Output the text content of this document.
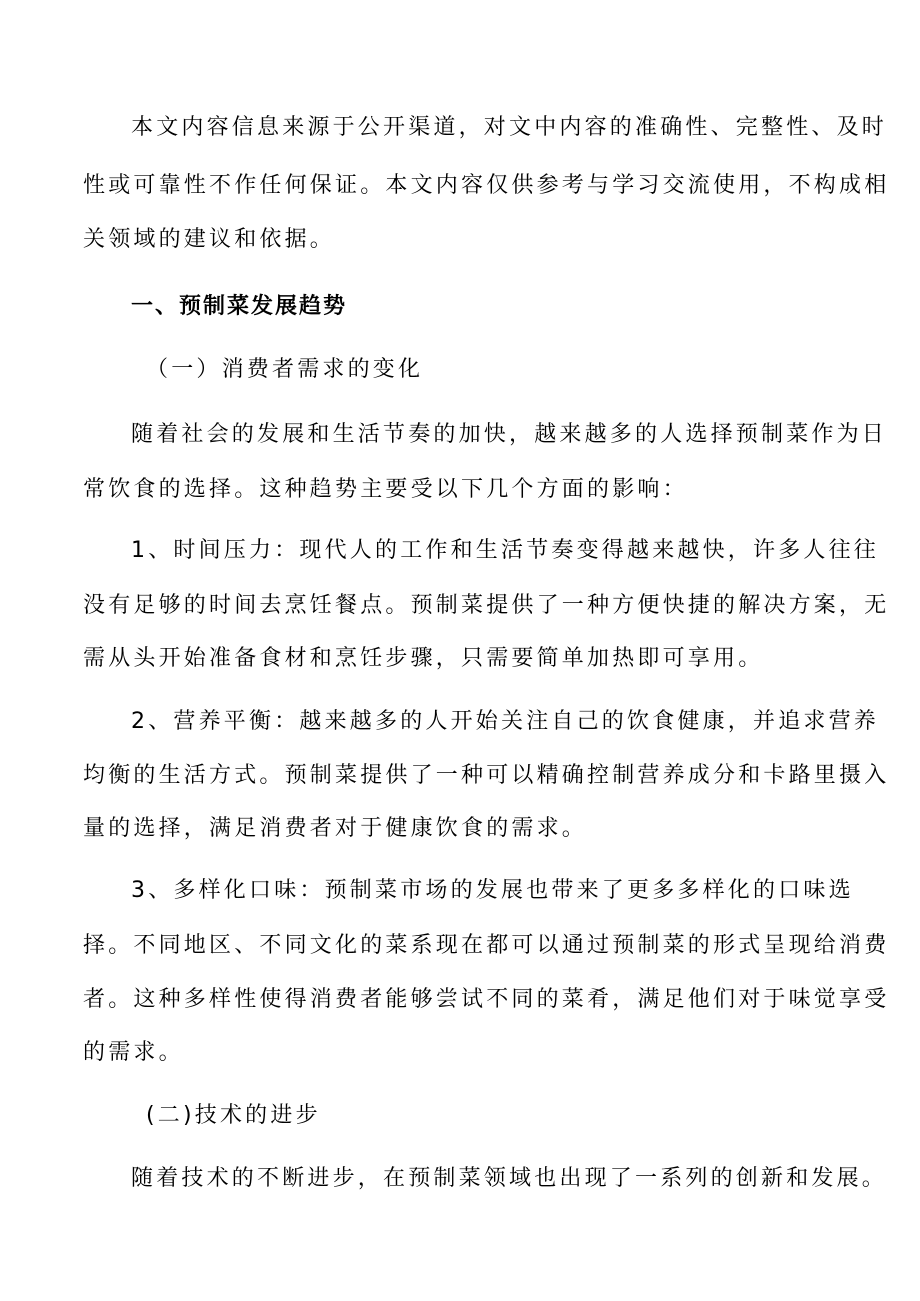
本文内容信息来源于公开渠道，对文中内容的准确性、完整性、及时
性或可靠性不作任何保证。本文内容仅供参考与学习交流使用，不构成相
关领域的建议和依据。
一、预制菜发展趋势
（一）消费者需求的变化
随着社会的发展和生活节奏的加快，越来越多的人选择预制菜作为日
常饮食的选择。这种趋势主要受以下几个方面的影响：
1、时间压力：现代人的工作和生活节奏变得越来越快，许多人往往
没有足够的时间去烹饪餐点。预制菜提供了一种方便快捷的解决方案，无
需从头开始准备食材和烹饪步骤，只需要简单加热即可享用。
2、营养平衡：越来越多的人开始关注自己的饮食健康，并追求营养
均衡的生活方式。预制菜提供了一种可以精确控制营养成分和卡路里摄入
量的选择，满足消费者对于健康饮食的需求。
3、多样化口味：预制菜市场的发展也带来了更多多样化的口味选
择。不同地区、不同文化的菜系现在都可以通过预制菜的形式呈现给消费
者。这种多样性使得消费者能够尝试不同的菜肴，满足他们对于味觉享受
的需求。
(二)技术的进步
随着技术的不断进步，在预制菜领域也出现了一系列的创新和发展。
